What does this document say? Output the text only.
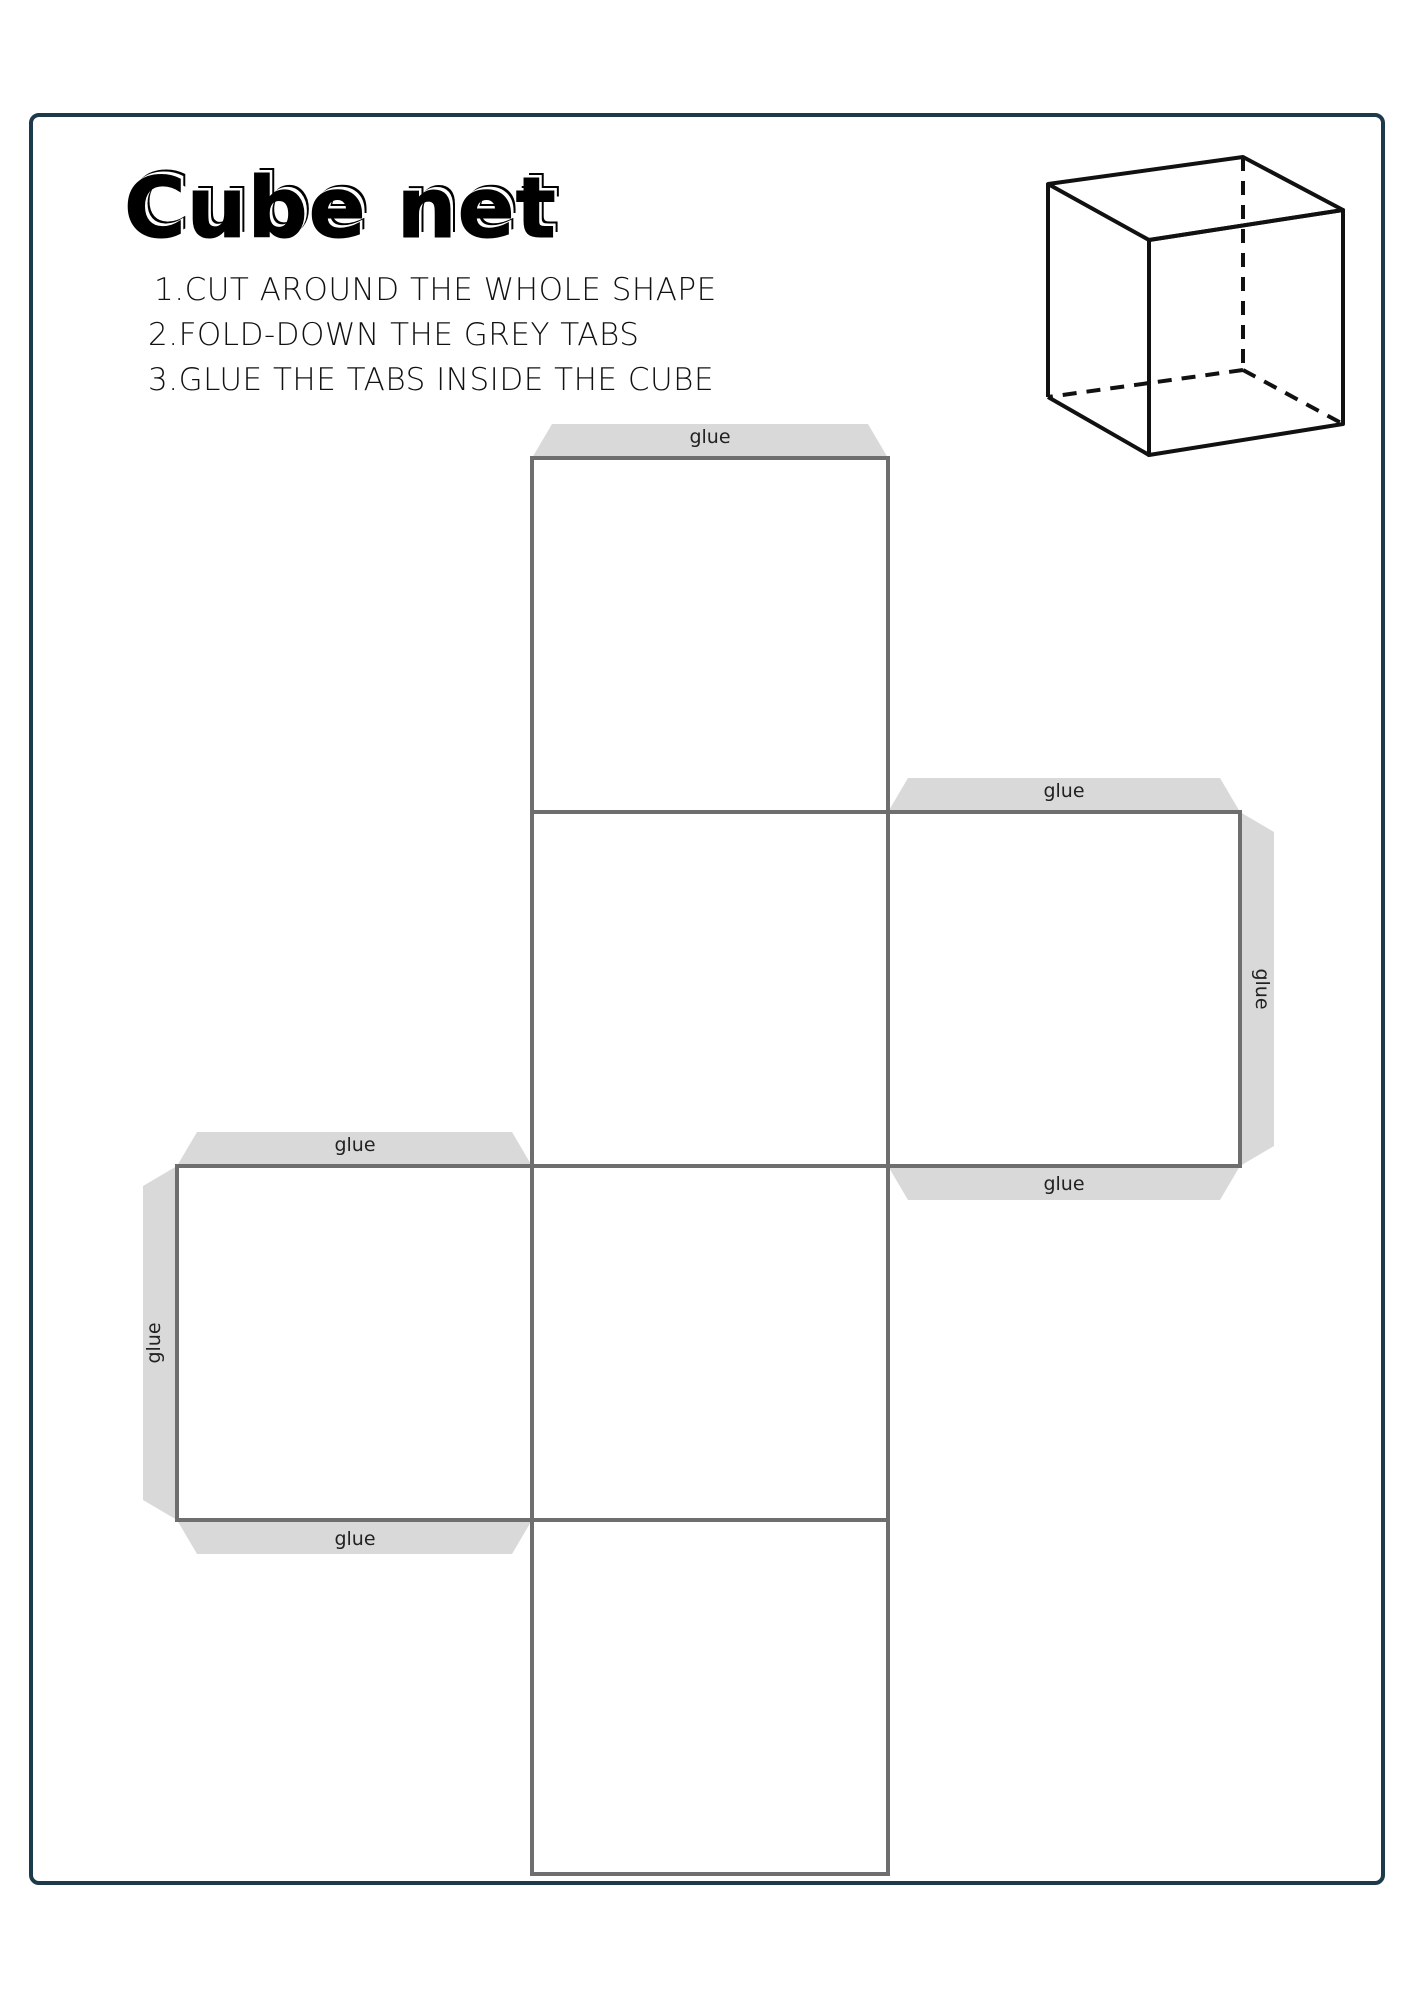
Cube net
1.CUT AROUND THE WHOLE SHAPE
2.FOLD-DOWN THE GREY TABS
3.GLUE THE TABS INSIDE THE CUBE
glue
glue
glue
glue
glue
glue
glue
